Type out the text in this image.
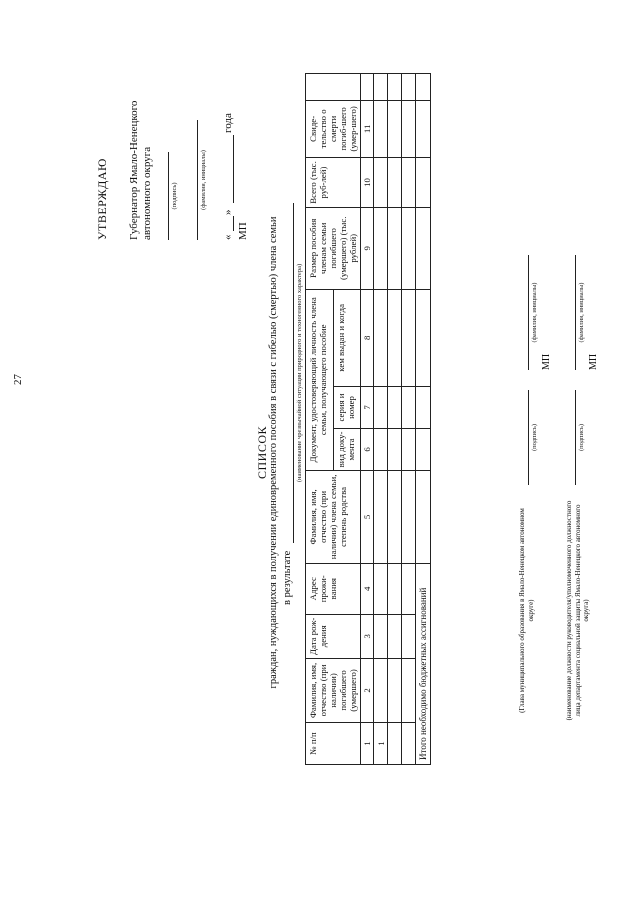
27
УТВЕРЖДАЮ Губернатор Ямало-Ненецкого автономного округа	(подпись)	(фамилия, инициалы)
«
»
года
МП
СПИСОК граждан, нуждающихся в получении единовременного пособия в связи с гибелью (смертью) члена семьи в результате
(наименование чрезвычайной ситуации природного и техногенного характера)
№ п/п	Фамилия, имя, отчество (при наличии) погибшего (умершего)	Дата рож-дения	Адрес прожи-вания	Фамилия, имя, отчество (при наличии) члена семьи, степень родства	Документ, удостоверяющий личность члена семьи, получающего пособие			Размер пособия членам семьи погибшего (умершего) (тыс. рублей)	Всего (тыс. руб-лей)	Свиде-тельство о смерти погиб-шего (умер-шего)	
					вид доку-мента	серия и номер	кем выдан и когда				
1	2	3	4	5	6	7	8	9	10	11	
1											

Итого необходимо бюджетных ассигнований												(Глава муниципального образования в Ямало-Ненецком автономном округе)
(подпись)
(фамилия, инициалы)
МП
(наименование должности руководителя/уполномоченного должностного лица департамента социальной защиты Ямало-Ненецкого автономного округа)
(подпись)
(фамилия, инициалы)
МП
